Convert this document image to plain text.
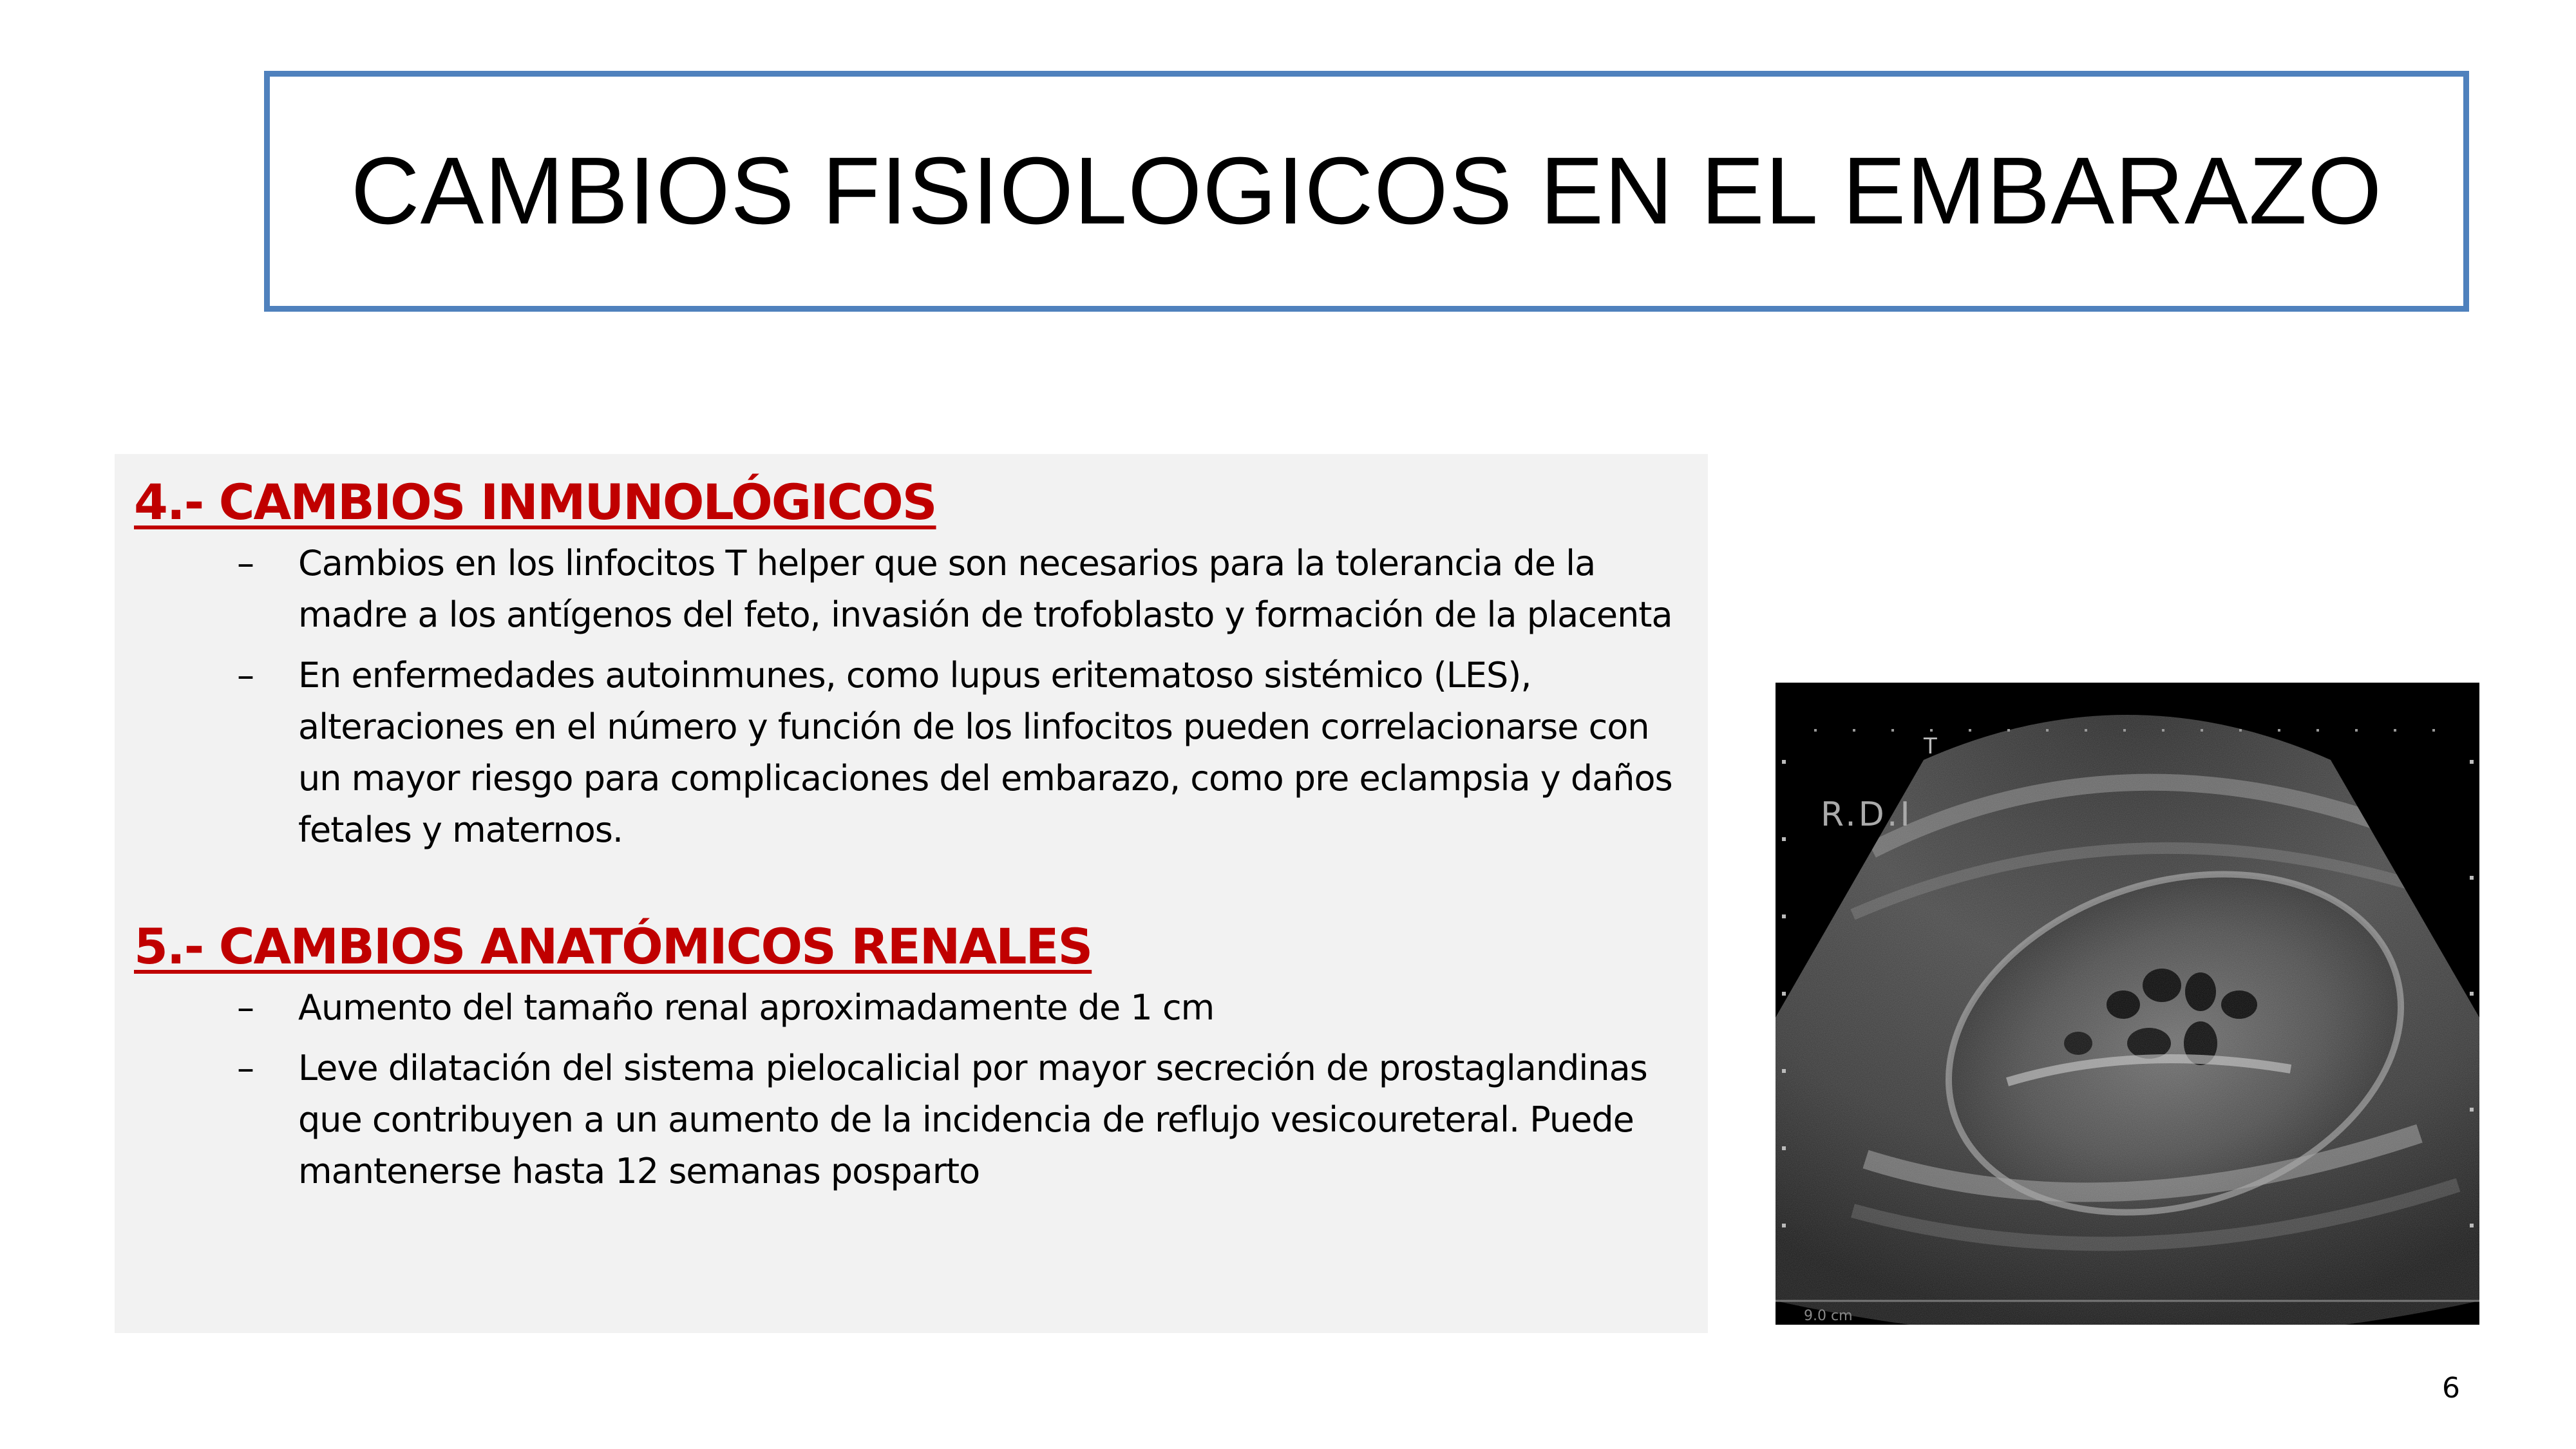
CAMBIOS FISIOLOGICOS EN EL EMBARAZO
4.- CAMBIOS INMUNOLÓGICOS
–	Cambios en los linfocitos T helper que son necesarios para la tolerancia de la madre a los antígenos del feto, invasión de trofoblasto y formación de la placenta
–	En enfermedades autoinmunes, como lupus eritematoso sistémico (LES), alteraciones en el número y función de los linfocitos pueden correlacionarse con un mayor riesgo para complicaciones del embarazo, como pre eclampsia y daños fetales y maternos.
5.- CAMBIOS ANATÓMICOS RENALES
–	Aumento del tamaño renal aproximadamente de 1 cm
–	Leve dilatación del sistema pielocalicial por mayor secreción de prostaglandinas que contribuyen a un aumento de la incidencia de reflujo vesicoureteral. Puede mantenerse hasta 12 semanas posparto
T
R.D.I
9.0 cm
6
